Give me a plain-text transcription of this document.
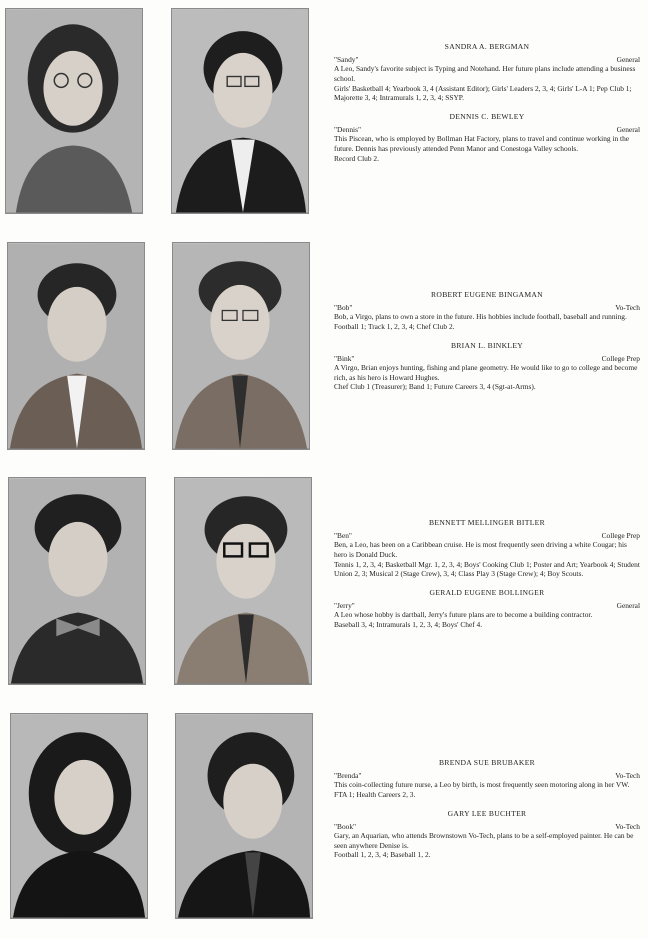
SANDRA A. BERGMAN

"Sandy"	General

A Leo, Sandy's favorite subject is Typing and Notehand. Her future plans include attending a business school.

Girls' Basketball 4; Yearbook 3, 4 (Assistant Editor); Girls' Leaders 2, 3, 4; Girls' L-A 1; Pep Club 1; Majorette 3, 4; Intramurals 1, 2, 3, 4; SSYP.

DENNIS C. BEWLEY

"Dennis"	General

This Piscean, who is employed by Bollman Hat Factory, plans to travel and continue working in the future. Dennis has previously attended Penn Manor and Conestoga Valley schools.

Record Club 2.

ROBERT EUGENE BINGAMAN

"Bob"	Vo-Tech

Bob, a Virgo, plans to own a store in the future. His hobbies include football, baseball and running.

Football 1; Track 1, 2, 3, 4; Chef Club 2.

BRIAN L. BINKLEY

"Bink"	College Prep

A Virgo, Brian enjoys hunting, fishing and plane geometry. He would like to go to college and become rich, as his hero is Howard Hughes.

Chef Club 1 (Treasurer); Band 1; Future Careers 3, 4 (Sgt-at-Arms).

BENNETT MELLINGER BITLER

"Ben"	College Prep

Ben, a Leo, has been on a Caribbean cruise. He is most frequently seen driving a white Cougar; his hero is Donald Duck.

Tennis 1, 2, 3, 4; Basketball Mgr. 1, 2, 3, 4; Boys' Cooking Club 1; Poster and Art; Yearbook 4; Student Union 2, 3; Musical 2 (Stage Crew), 3, 4; Class Play 3 (Stage Crew); 4; Boy Scouts.

GERALD EUGENE BOLLINGER

"Jerry"	General

A Leo whose hobby is dartball, Jerry's future plans are to become a building contractor.

Baseball 3, 4; Intramurals 1, 2, 3, 4; Boys' Chef 4.

BRENDA SUE BRUBAKER

"Brenda"	Vo-Tech

This coin-collecting future nurse, a Leo by birth, is most frequently seen motoring along in her VW.

FTA 1; Health Careers 2, 3.

GARY LEE BUCHTER

"Book"	Vo-Tech

Gary, an Aquarian, who attends Brownstown Vo-Tech, plans to be a self-employed painter. He can be seen anywhere Denise is.

Football 1, 2, 3, 4; Baseball 1, 2.
